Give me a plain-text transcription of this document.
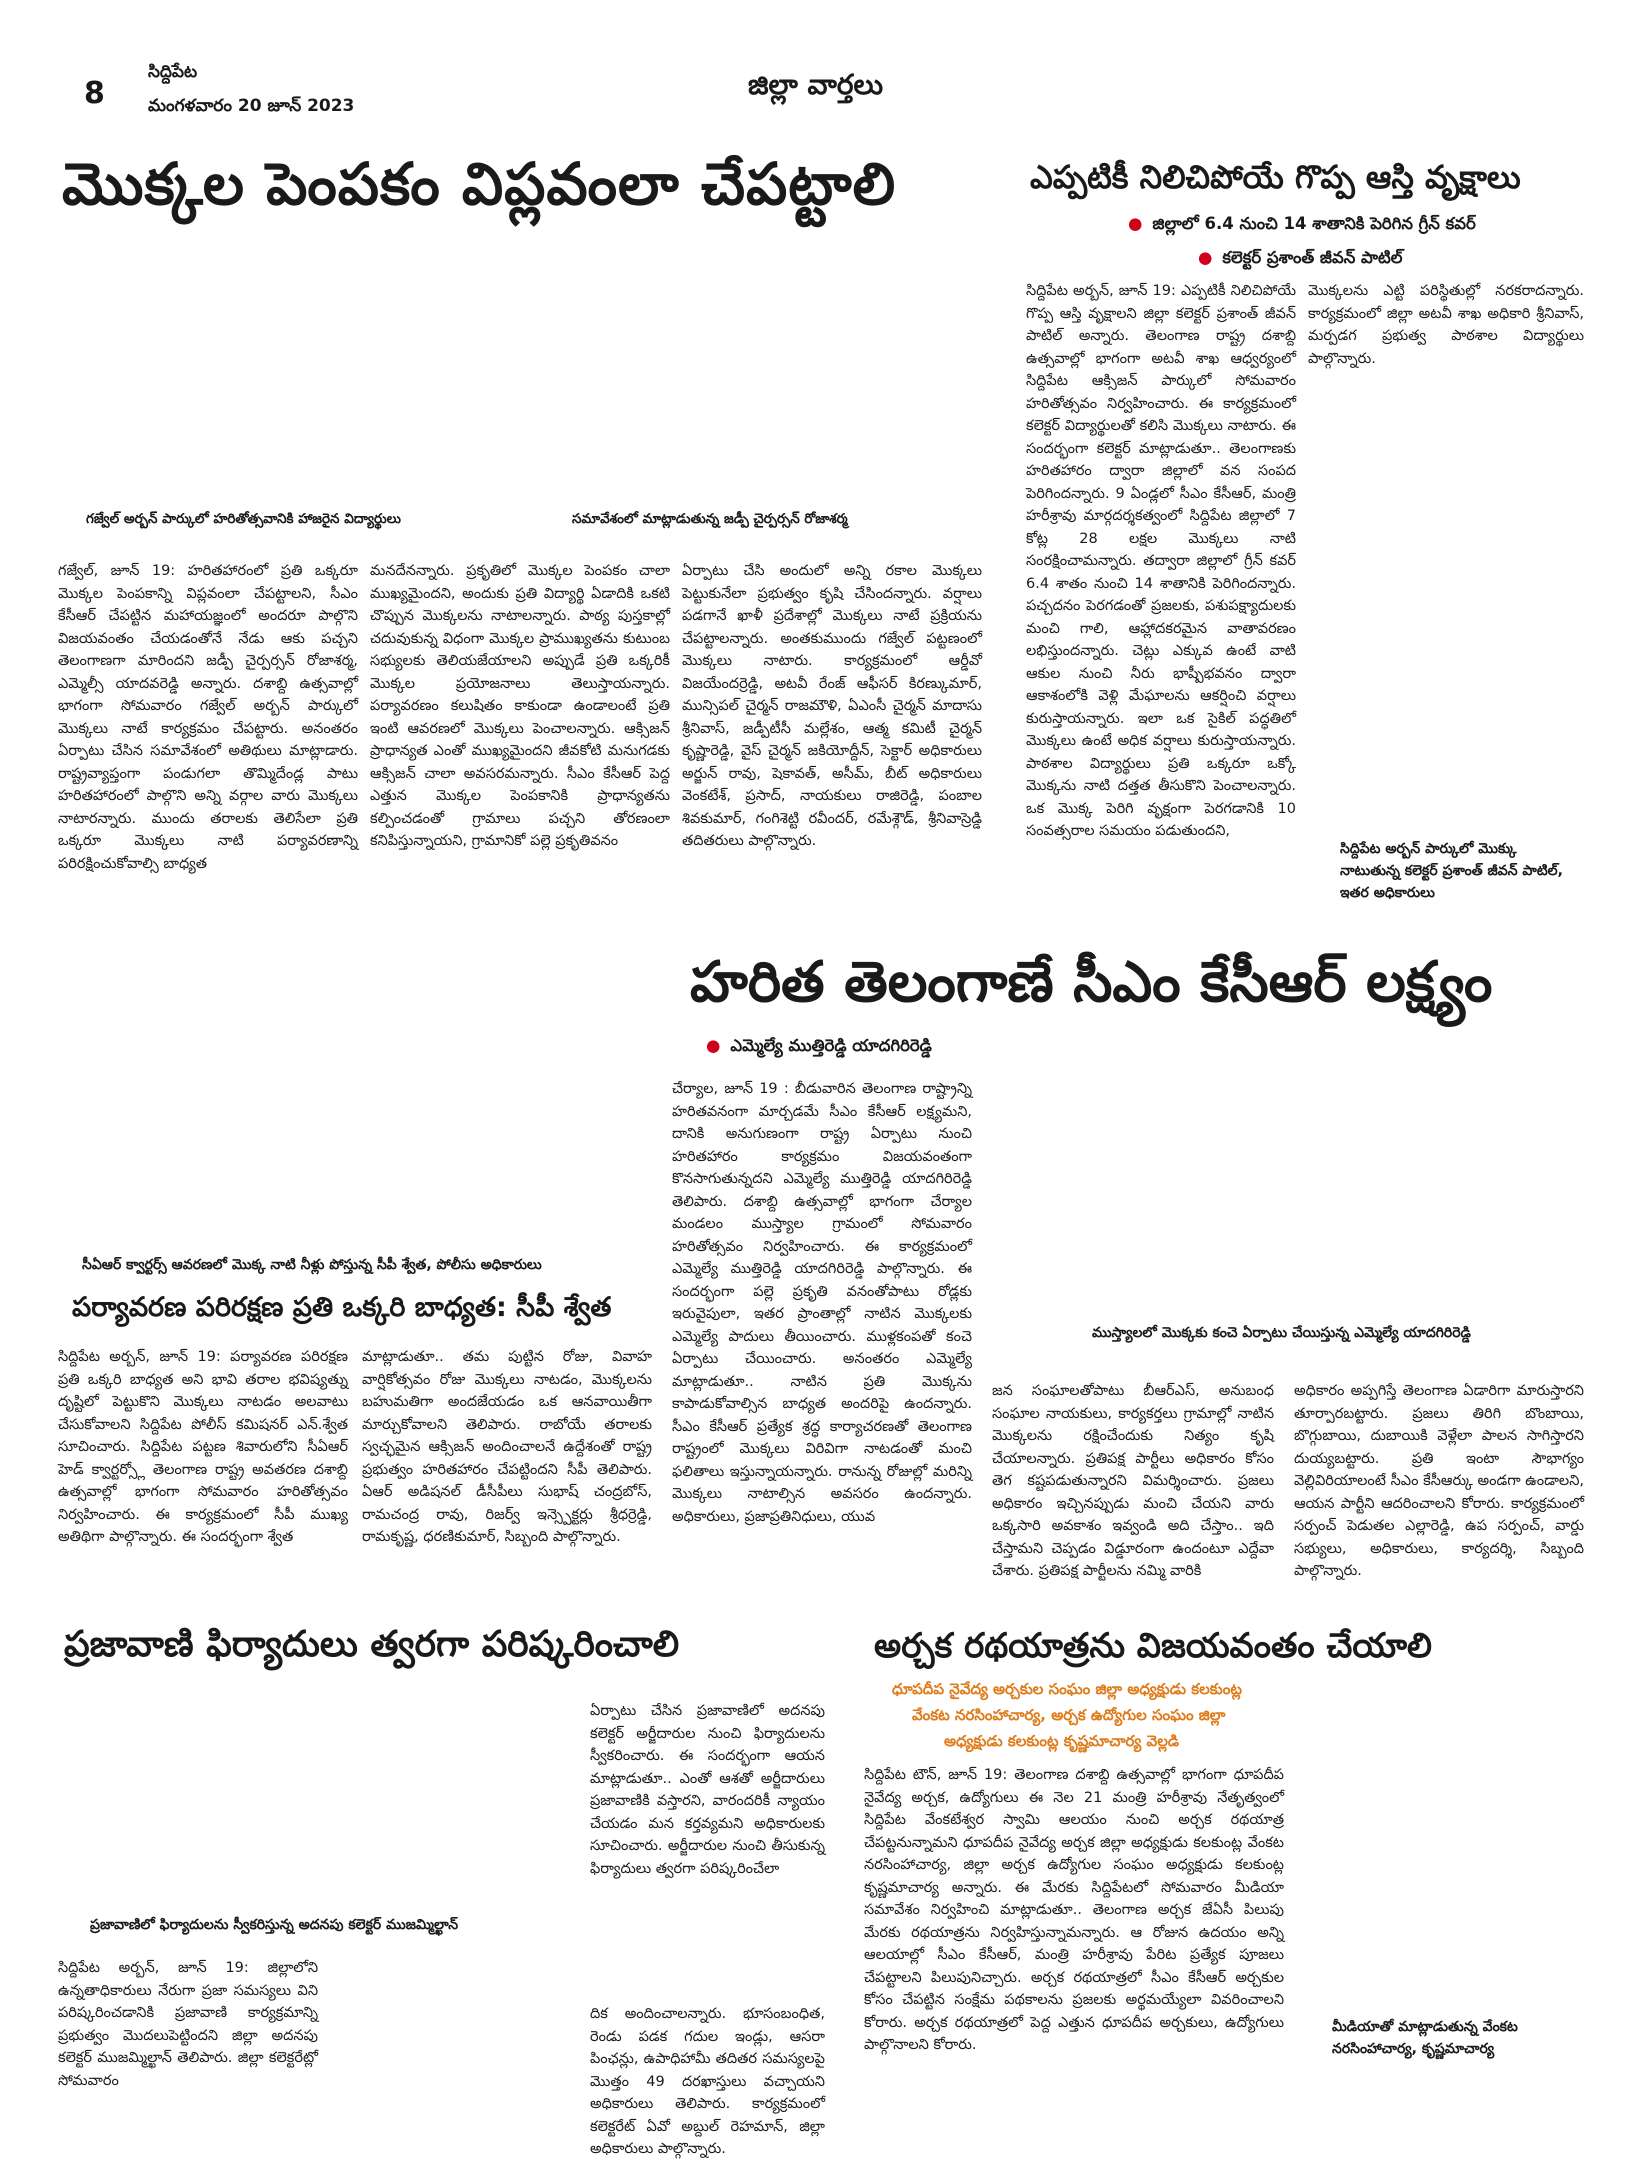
8
సిద్దిపేట
మంగళవారం 20 జూన్ 2023
జిల్లా వార్తలు
మొక్కల పెంపకం విప్లవంలా చేపట్టాలి
గజ్వేల్ అర్బన్ పార్కులో హరితోత్సవానికి హాజరైన విద్యార్థులు	సమావేశంలో మాట్లాడుతున్న జడ్పీ చైర్పర్సన్ రోజాశర్మ
గజ్వేల్, జూన్ 19: హరితహారంలో ప్రతి ఒక్కరూ మొక్కల పెంపకాన్ని విప్లవంలా చేపట్టాలని, సీఎం కేసీఆర్ చేపట్టిన మహాయజ్ఞంలో అందరూ పాల్గొని విజయవంతం చేయడంతోనే నేడు ఆకు పచ్చని తెలంగాణగా మారిందని జడ్పీ చైర్పర్సన్ రోజాశర్మ, ఎమ్మెల్సీ యాదవరెడ్డి అన్నారు. దశాబ్ది ఉత్సవాల్లో భాగంగా సోమవారం గజ్వేల్ అర్బన్ పార్కులో మొక్కలు నాటే కార్యక్రమం చేపట్టారు. అనంతరం ఏర్పాటు చేసిన సమావేశంలో అతిథులు మాట్లాడారు. రాష్ట్రవ్యాప్తంగా పండుగలా తొమ్మిదేండ్ల పాటు హరితహారంలో పాల్గొని అన్ని వర్గాల వారు మొక్కలు నాటారన్నారు. ముందు తరాలకు తెలిసేలా ప్రతి ఒక్కరూ మొక్కలు నాటి పర్యావరణాన్ని పరిరక్షించుకోవాల్సి బాధ్యత
మనదేనన్నారు. ప్రకృతిలో మొక్కల పెంపకం చాలా ముఖ్యమైందని, అందుకు ప్రతి విద్యార్థి ఏడాదికి ఒకటి చొప్పున మొక్కలను నాటాలన్నారు. పాఠ్య పుస్తకాల్లో చదువుకున్న విధంగా మొక్కల ప్రాముఖ్యతను కుటుంబ సభ్యులకు తెలియజేయాలని అప్పుడే ప్రతి ఒక్కరికీ మొక్కల ప్రయోజనాలు తెలుస్తాయన్నారు. పర్యావరణం కలుషితం కాకుండా ఉండాలంటే ప్రతి ఇంటి ఆవరణలో మొక్కలు పెంచాలన్నారు. ఆక్సిజన్ ప్రాధాన్యత ఎంతో ముఖ్యమైందని జీవకోటి మనుగడకు ఆక్సిజన్ చాలా అవసరమన్నారు. సీఎం కేసీఆర్ పెద్ద ఎత్తున మొక్కల పెంపకానికి ప్రాధాన్యతను కల్పించడంతో గ్రామాలు పచ్చని తోరణంలా కనిపిస్తున్నాయని, గ్రామానికో పల్లె ప్రకృతివనం
ఏర్పాటు చేసి అందులో అన్ని రకాల మొక్కలు పెట్టుకునేలా ప్రభుత్వం కృషి చేసిందన్నారు. వర్షాలు పడగానే ఖాళీ ప్రదేశాల్లో మొక్కలు నాటే ప్రక్రియను చేపట్టాలన్నారు. అంతకుముందు గజ్వేల్ పట్టణంలో మొక్కలు నాటారు. కార్యక్రమంలో ఆర్డీవో విజయేందర్రెడ్డి, అటవీ రేంజ్ ఆఫీసర్ కిరణ్కుమార్, మున్సిపల్ చైర్మన్ రాజమౌళి, ఏఎంసీ చైర్మన్ మాదాసు శ్రీనివాస్, జడ్పీటీసీ మల్లేశం, ఆత్మ కమిటీ చైర్మన్ కృష్ణారెడ్డి, వైస్ చైర్మన్ జకియోద్దీన్, సెక్టార్ అధికారులు అర్జున్ రావు, షెకావత్, అసీమ్, బీట్ అధికారులు వెంకటేశ్, ప్రసాద్, నాయకులు రాజిరెడ్డి, పంబాల శివకుమార్, గంగిశెట్టి రవీందర్, రమేశ్గౌడ్, శ్రీనివాస్రెడ్డి తదితరులు పాల్గొన్నారు.
ఎప్పటికీ నిలిచిపోయే గొప్ప ఆస్తి వృక్షాలు
● జిల్లాలో 6.4 నుంచి 14 శాతానికి పెరిగిన గ్రీన్ కవర్
● కలెక్టర్ ప్రశాంత్ జీవన్ పాటిల్
సిద్దిపేట అర్బన్, జూన్ 19: ఎప్పటికీ నిలిచిపోయే గొప్ప ఆస్తి వృక్షాలని జిల్లా కలెక్టర్ ప్రశాంత్ జీవన్ పాటిల్ అన్నారు. తెలంగాణ రాష్ట్ర దశాబ్ది ఉత్సవాల్లో భాగంగా అటవీ శాఖ ఆధ్వర్యంలో సిద్దిపేట ఆక్సిజన్ పార్కులో సోమవారం హరితోత్సవం నిర్వహించారు. ఈ కార్యక్రమంలో కలెక్టర్ విద్యార్థులతో కలిసి మొక్కలు నాటారు. ఈ సందర్భంగా కలెక్టర్ మాట్లాడుతూ.. తెలంగాణకు హరితహారం ద్వారా జిల్లాలో వన సంపద పెరిగిందన్నారు. 9 ఏండ్లలో సీఎం కేసీఆర్, మంత్రి హరీశ్రావు మార్గదర్శకత్వంలో సిద్దిపేట జిల్లాలో 7 కోట్ల 28 లక్షల మొక్కలు నాటి సంరక్షించామన్నారు. తద్వారా జిల్లాలో గ్రీన్ కవర్ 6.4 శాతం నుంచి 14 శాతానికి పెరిగిందన్నారు. పచ్చదనం పెరగడంతో ప్రజలకు, పశుపక్ష్యాదులకు మంచి గాలి, ఆహ్లాదకరమైన వాతావరణం లభిస్తుందన్నారు. చెట్లు ఎక్కువ ఉంటే వాటి ఆకుల నుంచి నీరు భాష్పీభవనం ద్వారా ఆకాశంలోకి వెళ్లి మేఘాలను ఆకర్షించి వర్షాలు కురుస్తాయన్నారు. ఇలా ఒక సైకిల్ పద్ధతిలో మొక్కలు ఉంటే అధిక వర్షాలు కురుస్తాయన్నారు. పాఠశాల విద్యార్థులు ప్రతి ఒక్కరూ ఒక్కో మొక్కను నాటి దత్తత తీసుకొని పెంచాలన్నారు. ఒక మొక్క పెరిగి వృక్షంగా పెరగడానికి 10 సంవత్సరాల సమయం పడుతుందని,
మొక్కలను ఎట్టి పరిస్థితుల్లో నరకరాదన్నారు. కార్యక్రమంలో జిల్లా అటవీ శాఖ అధికారి శ్రీనివాస్, మర్పడగ ప్రభుత్వ పాఠశాల విద్యార్థులు పాల్గొన్నారు.
సిద్దిపేట అర్బన్ పార్కులో మొక్కు నాటుతున్న కలెక్టర్ ప్రశాంత్ జీవన్ పాటిల్, ఇతర అధికారులు
హరిత తెలంగాణే సీఎం కేసీఆర్ లక్ష్యం
● ఎమ్మెల్యే ముత్తిరెడ్డి యాదగిరిరెడ్డి
చేర్యాల, జూన్ 19 : బీడువారిన తెలంగాణ రాష్ట్రాన్ని హరితవనంగా మార్చడమే సీఎం కేసీఆర్ లక్ష్యమని, దానికి అనుగుణంగా రాష్ట్ర ఏర్పాటు నుంచి హరితహారం కార్యక్రమం విజయవంతంగా కొనసాగుతున్నదని ఎమ్మెల్యే ముత్తిరెడ్డి యాదగిరిరెడ్డి తెలిపారు. దశాబ్ది ఉత్సవాల్లో భాగంగా చేర్యాల మండలం ముస్త్యాల గ్రామంలో సోమవారం హరితోత్సవం నిర్వహించారు. ఈ కార్యక్రమంలో ఎమ్మెల్యే ముత్తిరెడ్డి యాదగిరిరెడ్డి పాల్గొన్నారు. ఈ సందర్భంగా పల్లె ప్రకృతి వనంతోపాటు రోడ్లకు ఇరువైపులా, ఇతర ప్రాంతాల్లో నాటిన మొక్కలకు ఎమ్మెల్యే పాదులు తీయించారు. ముళ్లకంపతో కంచె ఏర్పాటు చేయించారు. అనంతరం ఎమ్మెల్యే మాట్లాడుతూ.. నాటిన ప్రతి మొక్కను కాపాడుకోవాల్సిన బాధ్యత అందరిపై ఉందన్నారు. సీఎం కేసీఆర్ ప్రత్యేక శ్రద్ధ కార్యాచరణతో తెలంగాణ రాష్ట్రంలో మొక్కలు విరివిగా నాటడంతో మంచి ఫలితాలు ఇస్తున్నాయన్నారు. రానున్న రోజుల్లో మరిన్ని మొక్కలు నాటాల్సిన అవసరం ఉందన్నారు. అధికారులు, ప్రజాప్రతినిధులు, యువ
ముస్త్యాలలో మొక్కకు కంచె ఏర్పాటు చేయిస్తున్న ఎమ్మెల్యే యాదగిరిరెడ్డి
జన సంఘాలతోపాటు బీఆర్ఎస్, అనుబంధ సంఘాల నాయకులు, కార్యకర్తలు గ్రామాల్లో నాటిన మొక్కలను రక్షించేందుకు నిత్యం కృషి చేయాలన్నారు. ప్రతిపక్ష పార్టీలు అధికారం కోసం తెగ కష్టపడుతున్నారని విమర్శించారు. ప్రజలు అధికారం ఇచ్చినప్పుడు మంచి చేయని వారు ఒక్కసారి అవకాశం ఇవ్వండి అది చేస్తాం.. ఇది చేస్తామని చెప్పడం విడ్డూరంగా ఉందంటూ ఎద్దేవా చేశారు. ప్రతిపక్ష పార్టీలను నమ్మి వారికి
అధికారం అప్పగిస్తే తెలంగాణ ఏడారిగా మారుస్తారని తూర్పారబట్టారు. ప్రజలు తిరిగి బొంబాయి, బొగ్గుబాయి, దుబాయికి వెళ్లేలా పాలన సాగిస్తారని దుయ్యబట్టారు. ప్రతి ఇంటా సౌభాగ్యం వెల్లివిరియాలంటే సీఎం కేసీఆర్కు అండగా ఉండాలని, ఆయన పార్టీని ఆదరించాలని కోరారు. కార్యక్రమంలో సర్పంచ్ పెడుతల ఎల్లారెడ్డి, ఉప సర్పంచ్, వార్డు సభ్యులు, అధికారులు, కార్యదర్శి, సిబ్బంది పాల్గొన్నారు.
సీఏఆర్ క్వార్టర్స్ ఆవరణలో మొక్క నాటి నీళ్లు పోస్తున్న సీపీ శ్వేత, పోలీసు అధికారులు
పర్యావరణ పరిరక్షణ ప్రతి ఒక్కరి బాధ్యత: సీపీ శ్వేత
సిద్దిపేట అర్బన్, జూన్ 19: పర్యావరణ పరిరక్షణ ప్రతి ఒక్కరి బాధ్యత అని భావి తరాల భవిష్యత్ను దృష్టిలో పెట్టుకొని మొక్కలు నాటడం అలవాటు చేసుకోవాలని సిద్దిపేట పోలీస్ కమిషనర్ ఎన్.శ్వేత సూచించారు. సిద్దిపేట పట్టణ శివారులోని సీఏఆర్ హెడ్ క్వార్టర్స్లో తెలంగాణ రాష్ట్ర అవతరణ దశాబ్ది ఉత్సవాల్లో భాగంగా సోమవారం హరితోత్సవం నిర్వహించారు. ఈ కార్యక్రమంలో సీపీ ముఖ్య అతిథిగా పాల్గొన్నారు. ఈ సందర్భంగా శ్వేత
మాట్లాడుతూ.. తమ పుట్టిన రోజు, వివాహ వార్షికోత్సవం రోజు మొక్కలు నాటడం, మొక్కలను బహుమతిగా అందజేయడం ఒక ఆనవాయితీగా మార్చుకోవాలని తెలిపారు. రాబోయే తరాలకు స్వచ్ఛమైన ఆక్సిజన్ అందించాలనే ఉద్దేశంతో రాష్ట్ర ప్రభుత్వం హరితహారం చేపట్టిందని సీపీ తెలిపారు. ఏఆర్ అడిషనల్ డీసీపీలు సుభాష్ చంద్రబోస్, రామచంద్ర రావు, రిజర్వ్ ఇన్స్పెక్టర్లు శ్రీధర్రెడ్డి, రామకృష్ణ, ధరణికుమార్, సిబ్బంది పాల్గొన్నారు.
ప్రజావాణి ఫిర్యాదులు త్వరగా పరిష్కరించాలి
ఏర్పాటు చేసిన ప్రజావాణిలో అదనపు కలెక్టర్ అర్జీదారుల నుంచి ఫిర్యాదులను స్వీకరించారు. ఈ సందర్భంగా ఆయన మాట్లాడుతూ.. ఎంతో ఆశతో అర్జీదారులు ప్రజావాణికి వస్తారని, వారందరికీ న్యాయం చేయడం మన కర్తవ్యమని అధికారులకు సూచించారు. అర్జీదారుల నుంచి తీసుకున్న ఫిర్యాదులు త్వరగా పరిష్కరించేలా
ప్రజావాణిలో ఫిర్యాదులను స్వీకరిస్తున్న అదనపు కలెక్టర్ ముజమ్మిల్ఖాన్
సిద్దిపేట అర్బన్, జూన్ 19: జిల్లాలోని ఉన్నతాధికారులు నేరుగా ప్రజా సమస్యలు విని పరిష్కరించడానికి ప్రజావాణి కార్యక్రమాన్ని ప్రభుత్వం మొదలుపెట్టిందని జిల్లా అదనపు కలెక్టర్ ముజమ్మిల్ఖాన్ తెలిపారు. జిల్లా కలెక్టరేట్లో సోమవారం
దిక అందించాలన్నారు. భూసంబంధిత, రెండు పడక గదుల ఇండ్లు, ఆసరా పింఛన్లు, ఉపాధిహామీ తదితర సమస్యలపై మొత్తం 49 దరఖాస్తులు వచ్చాయని అధికారులు తెలిపారు. కార్యక్రమంలో కలెక్టరేట్ ఏవో అబ్దుల్ రెహమాన్, జిల్లా అధికారులు పాల్గొన్నారు.
అర్చక రథయాత్రను విజయవంతం చేయాలి
ధూపదీప నైవేద్య అర్చకుల సంఘం జిల్లా అధ్యక్షుడు కలకుంట్ల
వేంకట నరసింహాచార్య, అర్చక ఉద్యోగుల సంఘం జిల్లా
అధ్యక్షుడు కలకుంట్ల కృష్ణమాచార్య వెల్లడి
సిద్దిపేట టౌన్, జూన్ 19: తెలంగాణ దశాబ్ది ఉత్సవాల్లో భాగంగా ధూపదీప నైవేద్య అర్చక, ఉద్యోగులు ఈ నెల 21 మంత్రి హరీశ్రావు నేతృత్వంలో సిద్దిపేట వేంకటేశ్వర స్వామి ఆలయం నుంచి అర్చక రథయాత్ర చేపట్టనున్నామని ధూపదీప నైవేద్య అర్చక జిల్లా అధ్యక్షుడు కలకుంట్ల వేంకట నరసింహాచార్య, జిల్లా అర్చక ఉద్యోగుల సంఘం అధ్యక్షుడు కలకుంట్ల కృష్ణమాచార్య అన్నారు. ఈ మేరకు సిద్దిపేటలో సోమవారం మీడియా సమావేశం నిర్వహించి మాట్లాడుతూ.. తెలంగాణ అర్చక జేఏసీ పిలుపు మేరకు రథయాత్రను నిర్వహిస్తున్నామన్నారు. ఆ రోజున ఉదయం అన్ని ఆలయాల్లో సీఎం కేసీఆర్, మంత్రి హరీశ్రావు పేరిట ప్రత్యేక పూజలు చేపట్టాలని పిలుపునిచ్చారు. అర్చక రథయాత్రలో సీఎం కేసీఆర్ అర్చకుల కోసం చేపట్టిన సంక్షేమ పథకాలను ప్రజలకు అర్థమయ్యేలా వివరించాలని కోరారు. అర్చక రథయాత్రలో పెద్ద ఎత్తున ధూపదీప అర్చకులు, ఉద్యోగులు పాల్గొనాలని కోరారు.
మీడియాతో మాట్లాడుతున్న వేంకట నరసింహాచార్య, కృష్ణమాచార్య
